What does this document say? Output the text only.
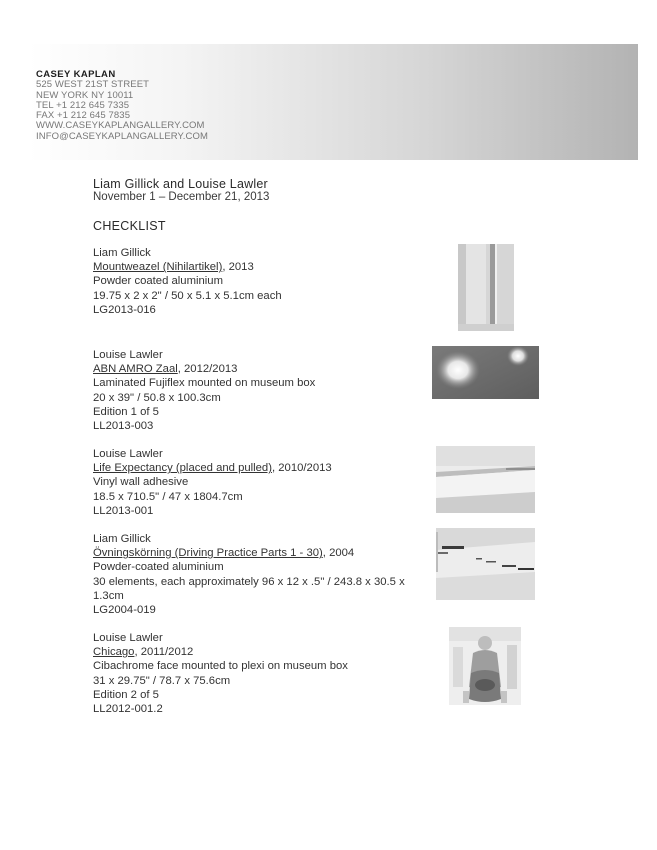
CASEY KAPLAN
525 WEST 21ST STREET
NEW YORK NY 10011
TEL +1 212 645 7335
FAX +1 212 645 7835
WWW.CASEYKAPLANGALLERY.COM
INFO@CASEYKAPLANGALLERY.COM
Liam Gillick and Louise Lawler
November 1 – December 21, 2013
CHECKLIST
Liam Gillick
Mountweazel (Nihilartikel), 2013
Powder coated aluminium
19.75 x 2 x 2" / 50 x 5.1 x 5.1cm each
LG2013-016
Louise Lawler
ABN AMRO Zaal, 2012/2013
Laminated Fujiflex mounted on museum box
20 x 39" / 50.8 x 100.3cm
Edition 1 of 5
LL2013-003
Louise Lawler
Life Expectancy (placed and pulled), 2010/2013
Vinyl wall adhesive
18.5 x 710.5" / 47 x 1804.7cm
LL2013-001
Liam Gillick
Övningskörning (Driving Practice Parts 1 - 30), 2004
Powder-coated aluminium
30 elements, each approximately 96 x 12 x .5" / 243.8 x 30.5 x 1.3cm
LG2004-019
Louise Lawler
Chicago, 2011/2012
Cibachrome face mounted to plexi on museum box
31 x 29.75" / 78.7 x 75.6cm
Edition 2 of 5
LL2012-001.2
